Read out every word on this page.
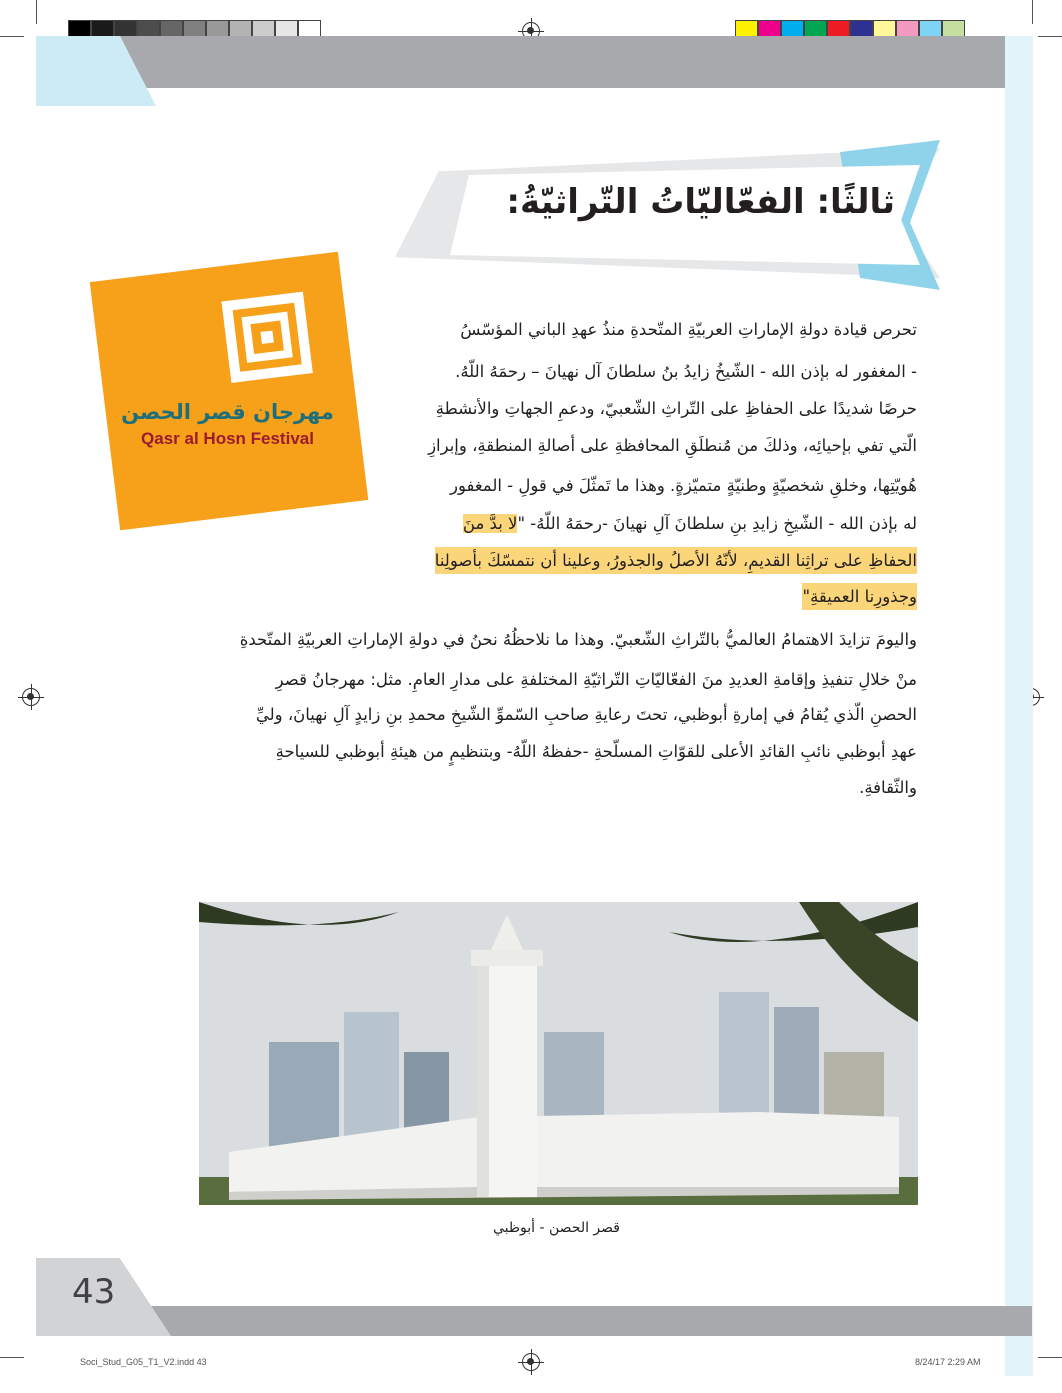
ثالثًا: الفعّاليّاتُ التّراثيّةُ:
مهرجان قصر الحصن
Qasr al Hosn Festival
تحرص قيادة دولةِ الإماراتِ العربيّةِ المتّحدةِ منذُ عهدِ الباني المؤسّسُ
- المغفور له بإذن الله - الشّيخُ زايدُ بنُ سلطانَ آل نهيانَ – رحمَهُ اللّهُ.
حرصًا شديدًا على الحفاظِ على التّراثِ الشّعبيّ، ودعمِ الجهاتِ والأنشطةِ
الّتي تفي بإحيائِه، وذلكَ من مُنطلَقِ المحافظةِ على أصالةِ المنطقةِ، وإبرازِ
هُويّتِها، وخلقِ شخصيّةٍ وطنيّةٍ متميّزةٍ. وهذا ما تَمثّلَ في قولِ - المغفور
له بإذن الله - الشّيخِ زايدِ بنِ سلطانَ آلِ نهيانَ -رحمَهُ اللّهُ- "لا بدَّ منَ
الحفاظِ على تراثِنا القديمِ، لأنّهُ الأصلُ والجذورُ، وعلينا أن نتمسّكَ بأصولِنا
وجذورِنا العميقةِ"
واليومَ تزايدَ الاهتمامُ العالميُّ بالتّراثِ الشّعبيّ. وهذا ما نلاحظُهُ نحنُ في دولةِ الإماراتِ العربيّةِ المتّحدةِ
منْ خلالِ تنفيذِ وإقامةِ العديدِ منَ الفعّاليّاتِ التّراثيّةِ المختلفةِ على مدارِ العامِ. مثل: مهرجانُ قصرِ
الحصنِ الّذي يُقامُ في إمارةِ أبوظبي، تحتَ رعايةِ صاحبِ السّموِّ الشّيخِ محمدِ بنِ زايدٍ آلِ نهيانَ، وليِّ
عهدِ أبوظبي نائبِ القائدِ الأعلى للقوّاتِ المسلّحةِ -حفظهُ اللّهُ- وبتنظيمٍ من هيئةِ أبوظبي للسياحةِ
والثّقافةِ.
قصر الحصن - أبوظبي
43
Soci_Stud_G05_T1_V2.indd 43	8/24/17 2:29 AM
